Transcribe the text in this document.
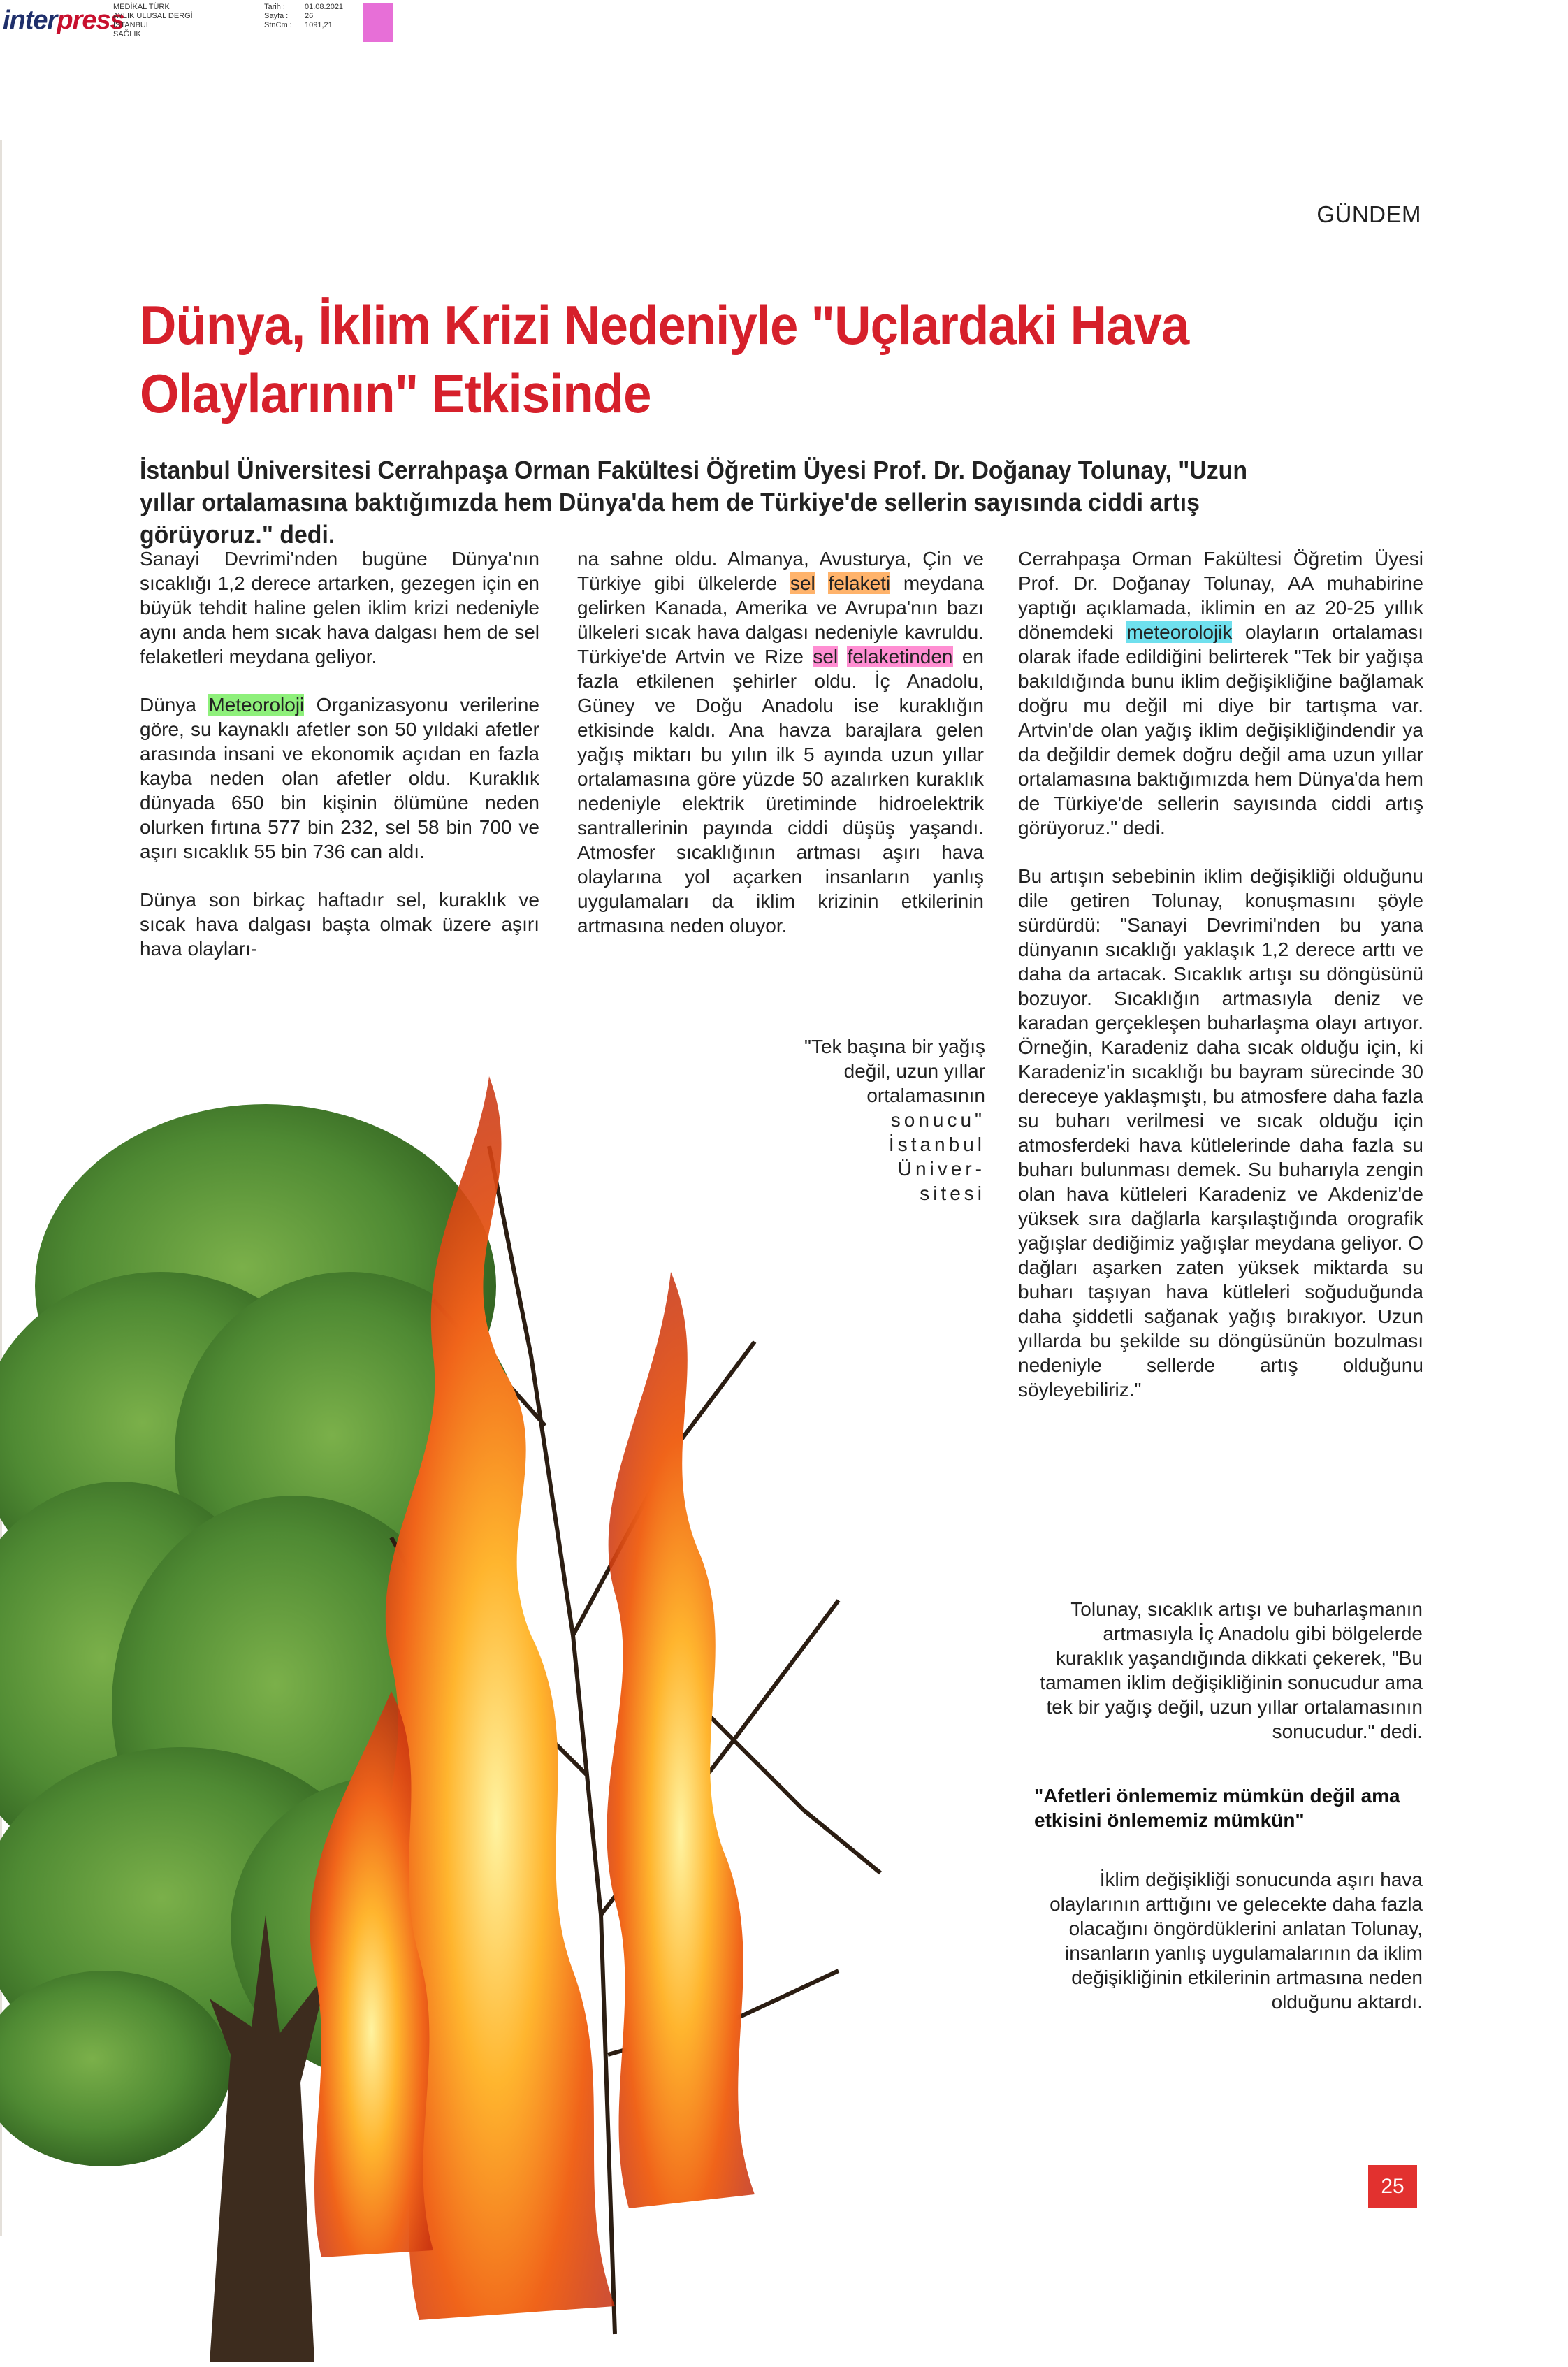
interpress
MEDİKAL TÜRK
AYLIK ULUSAL DERGİ
İSTANBUL
SAĞLIK
Tarih :	01.08.2021
Sayfa :	26
StnCm :	1091,21
GÜNDEM
Dünya, İklim Krizi Nedeniyle "Uçlardaki Hava Olaylarının" Etkisinde
İstanbul Üniversitesi Cerrahpaşa Orman Fakültesi Öğretim Üyesi Prof. Dr. Doğanay Tolunay, "Uzun yıllar ortalamasına baktığımızda hem Dünya'da hem de Türkiye'de sellerin sayısında ciddi artış görüyoruz." dedi.

Sanayi Devrimi'nden bugüne Dünya'nın sıcaklığı 1,2 derece artarken, gezegen için en büyük tehdit haline gelen iklim krizi nedeniyle aynı anda hem sıcak hava dalgası hem de sel felaketleri meydana geliyor.

Dünya Meteoroloji Organizasyonu verilerine göre, su kaynaklı afetler son 50 yıldaki afetler arasında insani ve ekonomik açıdan en fazla kayba neden olan afetler oldu. Kuraklık dünyada 650 bin kişinin ölümüne neden olurken fırtına 577 bin 232, sel 58 bin 700 ve aşırı sıcaklık 55 bin 736 can aldı.

Dünya son birkaç haftadır sel, kuraklık ve sıcak hava dalgası başta olmak üzere aşırı hava olayları-

na sahne oldu. Almanya, Avusturya, Çin ve Türkiye gibi ülkelerde sel felaketi meydana gelirken Kanada, Amerika ve Avrupa'nın bazı ülkeleri sıcak hava dalgası nedeniyle kavruldu. Türkiye'de Artvin ve Rize sel felaketinden en fazla etkilenen şehirler oldu. İç Anadolu, Güney ve Doğu Anadolu ise kuraklığın etkisinde kaldı. Ana havza barajlara gelen yağış miktarı bu yılın ilk 5 ayında uzun yıllar ortalamasına göre yüzde 50 azalırken kuraklık nedeniyle elektrik üretiminde hidroelektrik santrallerinin payında ciddi düşüş yaşandı. Atmosfer sıcaklığının artması aşırı hava olaylarına yol açarken insanların yanlış uygulamaları da iklim krizinin etkilerinin artmasına neden oluyor.

"Tek başına bir yağış
değil, uzun yıllar
ortalamasının
sonucu"
İstanbul
Üniver-
sitesi

Cerrahpaşa Orman Fakültesi Öğretim Üyesi Prof. Dr. Doğanay Tolunay, AA muhabirine yaptığı açıklamada, iklimin en az 20-25 yıllık dönemdeki meteorolojik olayların ortalaması olarak ifade edildiğini belirterek "Tek bir yağışa bakıldığında bunu iklim değişikliğine bağlamak doğru mu değil mi diye bir tartışma var. Artvin'de olan yağış iklim değişikliğindendir ya da değildir demek doğru değil ama uzun yıllar ortalamasına baktığımızda hem Dünya'da hem de Türkiye'de sellerin sayısında ciddi artış görüyoruz." dedi.

Bu artışın sebebinin iklim değişikliği olduğunu dile getiren Tolunay, konuşmasını şöyle sürdürdü: "Sanayi Devrimi'nden bu yana dünyanın sıcaklığı yaklaşık 1,2 derece arttı ve daha da artacak. Sıcaklık artışı su döngüsünü bozuyor. Sıcaklığın artmasıyla deniz ve karadan gerçekleşen buharlaşma olayı artıyor. Örneğin, Karadeniz daha sıcak olduğu için, ki Karadeniz'in sıcaklığı bu bayram sürecinde 30 dereceye yaklaşmıştı, bu atmosfere daha fazla su buharı verilmesi ve sıcak olduğu için atmosferdeki hava kütlelerinde daha fazla su buharı bulunması demek. Su buharıyla zengin olan hava kütleleri Karadeniz ve Akdeniz'de yüksek sıra dağlarla karşılaştığında orografik yağışlar dediğimiz yağışlar meydana geliyor. O dağları aşarken zaten yüksek miktarda su buharı taşıyan hava kütleleri soğuduğunda daha şiddetli sağanak yağış bırakıyor. Uzun yıllarda bu şekilde su döngüsünün bozulması nedeniyle sellerde artış olduğunu söyleyebiliriz."

Tolunay, sıcaklık artışı ve buharlaşmanın artmasıyla İç Anadolu gibi bölgelerde kuraklık yaşandığında dikkati çekerek, "Bu tamamen iklim değişikliğinin sonucudur ama tek bir yağış değil, uzun yıllar ortalamasının sonucudur." dedi.

"Afetleri önlememiz mümkün değil ama etkisini önlememiz mümkün"

İklim değişikliği sonucunda aşırı hava olaylarının arttığını ve gelecekte daha fazla olacağını öngördüklerini anlatan Tolunay, insanların yanlış uygulamalarının da iklim değişikliğinin etkilerinin artmasına neden olduğunu aktardı.

25
